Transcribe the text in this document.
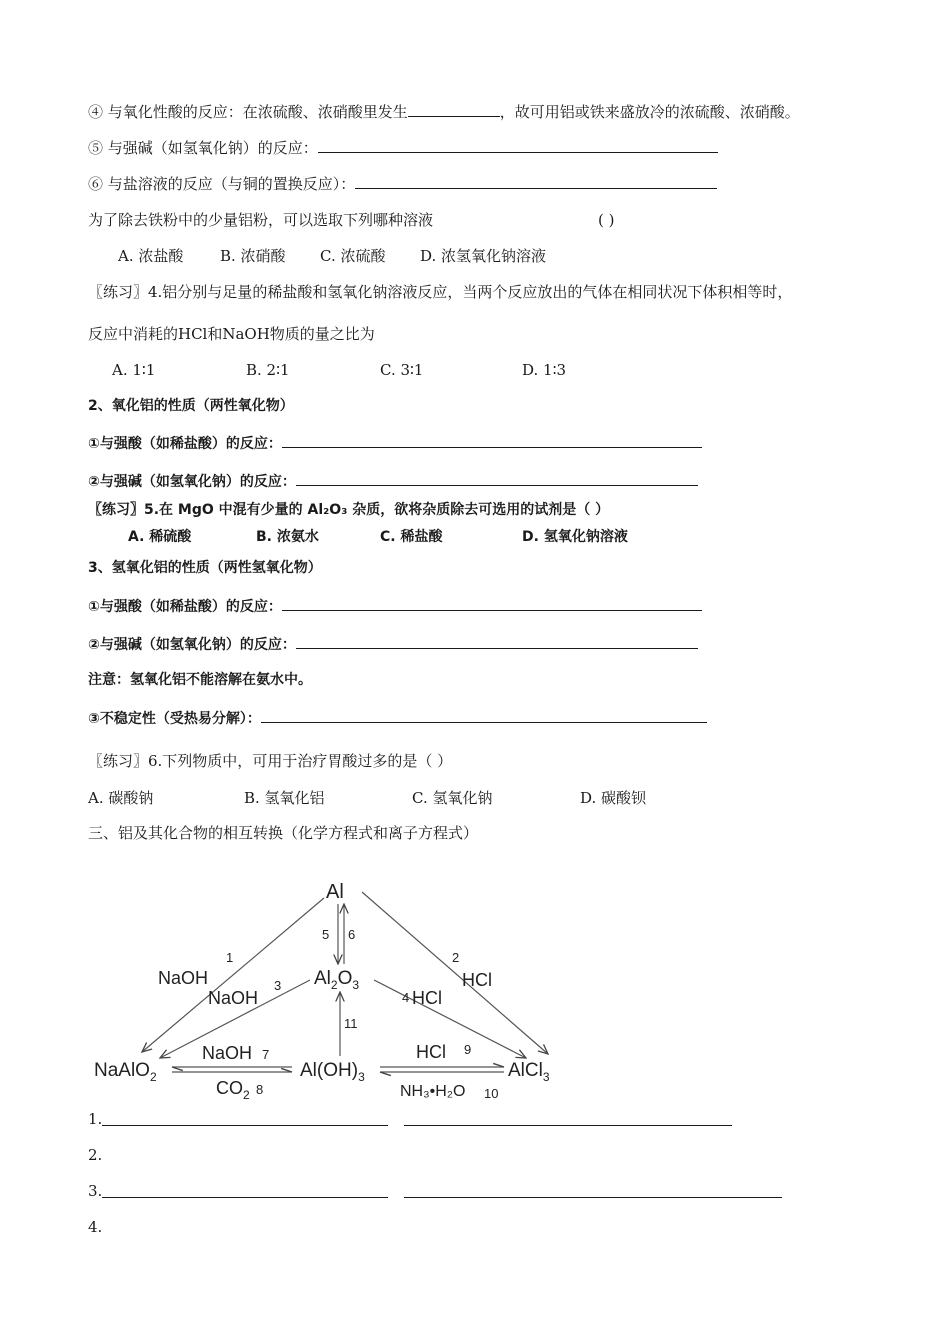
④ 与氧化性酸的反应：在浓硫酸、浓硝酸里发生	，故可用铝或铁来盛放冷的浓硫酸、浓硝酸。
⑤ 与强碱（如氢氧化钠）的反应：
⑥ 与盐溶液的反应（与铜的置换反应）：
为了除去铁粉中的少量铝粉，可以选取下列哪种溶液	( )
A. 浓盐酸 B. 浓硝酸 C. 浓硫酸 D. 浓氢氧化钠溶液
〖练习〗4.铝分别与足量的稀盐酸和氢氧化钠溶液反应，当两个反应放出的气体在相同状况下体积相等时，
反应中消耗的HCl和NaOH物质的量之比为
A. 1∶1	B. 2∶1	C. 3∶1	D. 1∶3
2、氧化铝的性质（两性氧化物）
①与强酸（如稀盐酸）的反应：
②与强碱（如氢氧化钠）的反应：
〖练习〗5.在 MgO 中混有少量的 Al₂O₃ 杂质，欲将杂质除去可选用的试剂是（ ）
A. 稀硫酸	B. 浓氨水	C. 稀盐酸	D. 氢氧化钠溶液
3、氢氧化铝的性质（两性氢氧化物）
①与强酸（如稀盐酸）的反应：
②与强碱（如氢氧化钠）的反应：
注意：氢氧化铝不能溶解在氨水中。
③不稳定性（受热易分解）：
〖练习〗6.下列物质中，可用于治疗胃酸过多的是（ ）
A. 碳酸钠	B. 氢氧化铝	C. 氢氧化钠	D. 碳酸钡
三、铝及其化合物的相互转换（化学方程式和离子方程式）
Al
$Al_2O_3$
NaAlO$_2$	$Al(OH)_3$	AlCl$_3$
1
NaOH
2
HCl
5 6
3
NaOH	4 HCl
11
NaOH 7
$CO_2$ 8
HCl 9
NH₃•H₂O 10
1.
2.
3.
4.
